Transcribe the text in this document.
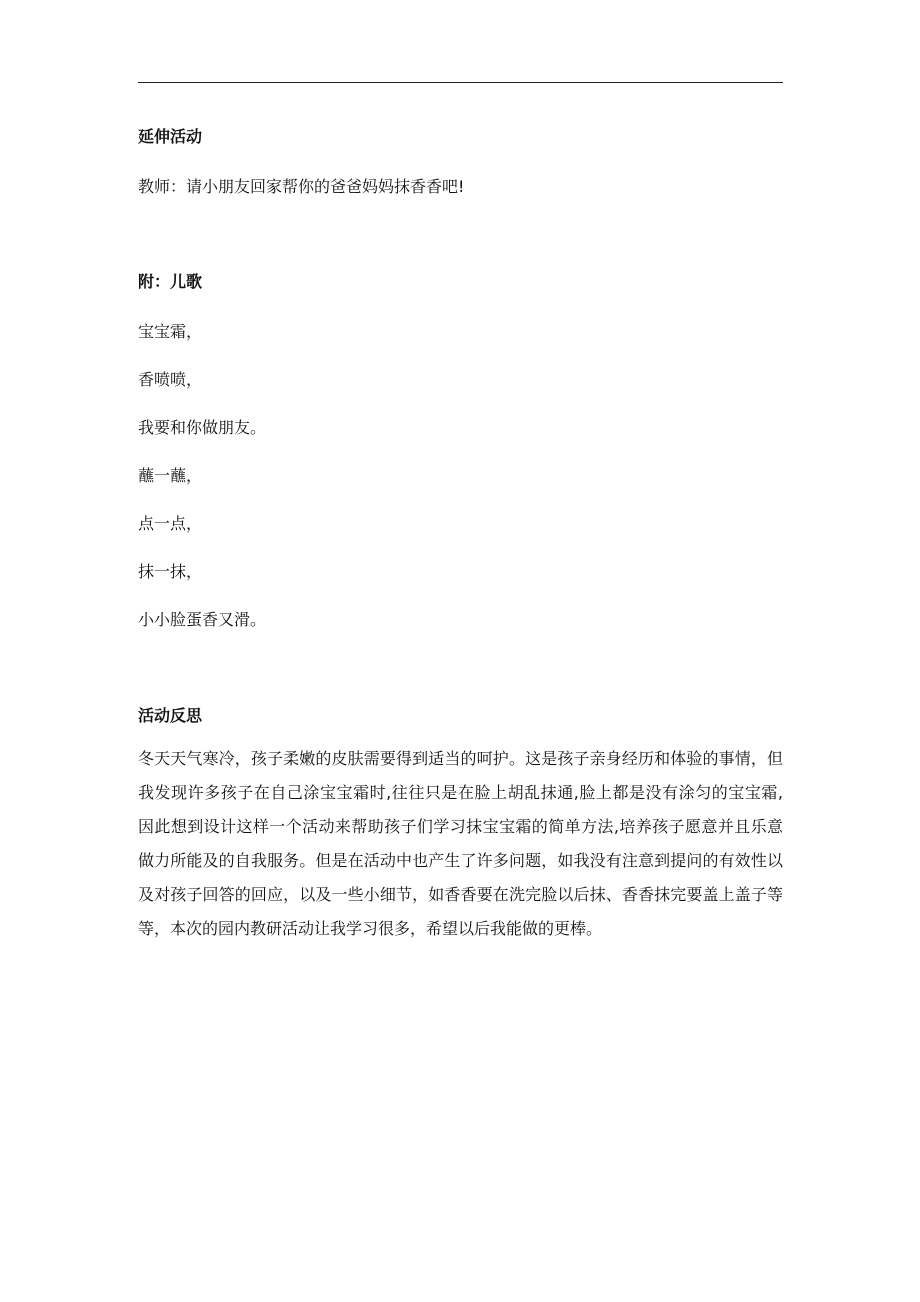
延伸活动
教师：请小朋友回家帮你的爸爸妈妈抹香香吧!
附：儿歌
宝宝霜，
香喷喷，
我要和你做朋友。
蘸一蘸，
点一点，
抹一抹，
小小脸蛋香又滑。
活动反思
冬天天气寒冷，孩子柔嫩的皮肤需要得到适当的呵护。这是孩子亲身经历和体验的事情，但
我发现许多孩子在自己涂宝宝霜时,往往只是在脸上胡乱抹通,脸上都是没有涂匀的宝宝霜,
因此想到设计这样一个活动来帮助孩子们学习抹宝宝霜的简单方法,培养孩子愿意并且乐意
做力所能及的自我服务。但是在活动中也产生了许多问题，如我没有注意到提问的有效性以
及对孩子回答的回应，以及一些小细节，如香香要在洗完脸以后抹、香香抹完要盖上盖子等
等，本次的园内教研活动让我学习很多，希望以后我能做的更棒。
